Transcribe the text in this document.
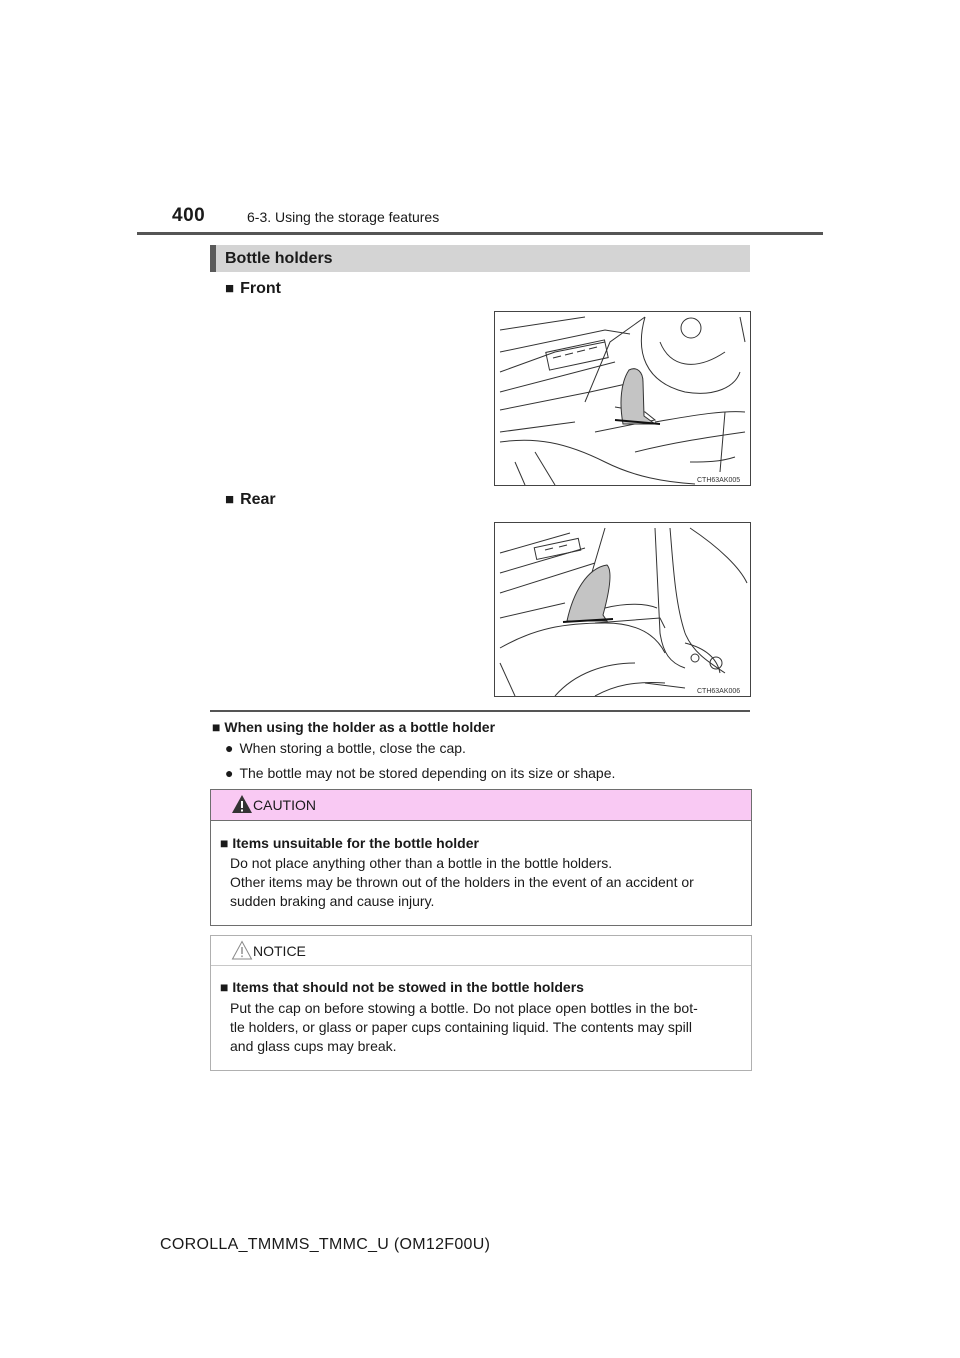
400	6-3. Using the storage features
Bottle holders
■ Front
CTH63AK005
■ Rear
CTH63AK006
■ When using the holder as a bottle holder
● When storing a bottle, close the cap.
● The bottle may not be stored depending on its size or shape.
CAUTION
■ Items unsuitable for the bottle holder
Do not place anything other than a bottle in the bottle holders.
Other items may be thrown out of the holders in the event of an accident or
sudden braking and cause injury.
NOTICE
■ Items that should not be stowed in the bottle holders
Put the cap on before stowing a bottle. Do not place open bottles in the bot-
tle holders, or glass or paper cups containing liquid. The contents may spill
and glass cups may break.
COROLLA_TMMMS_TMMC_U (OM12F00U)
